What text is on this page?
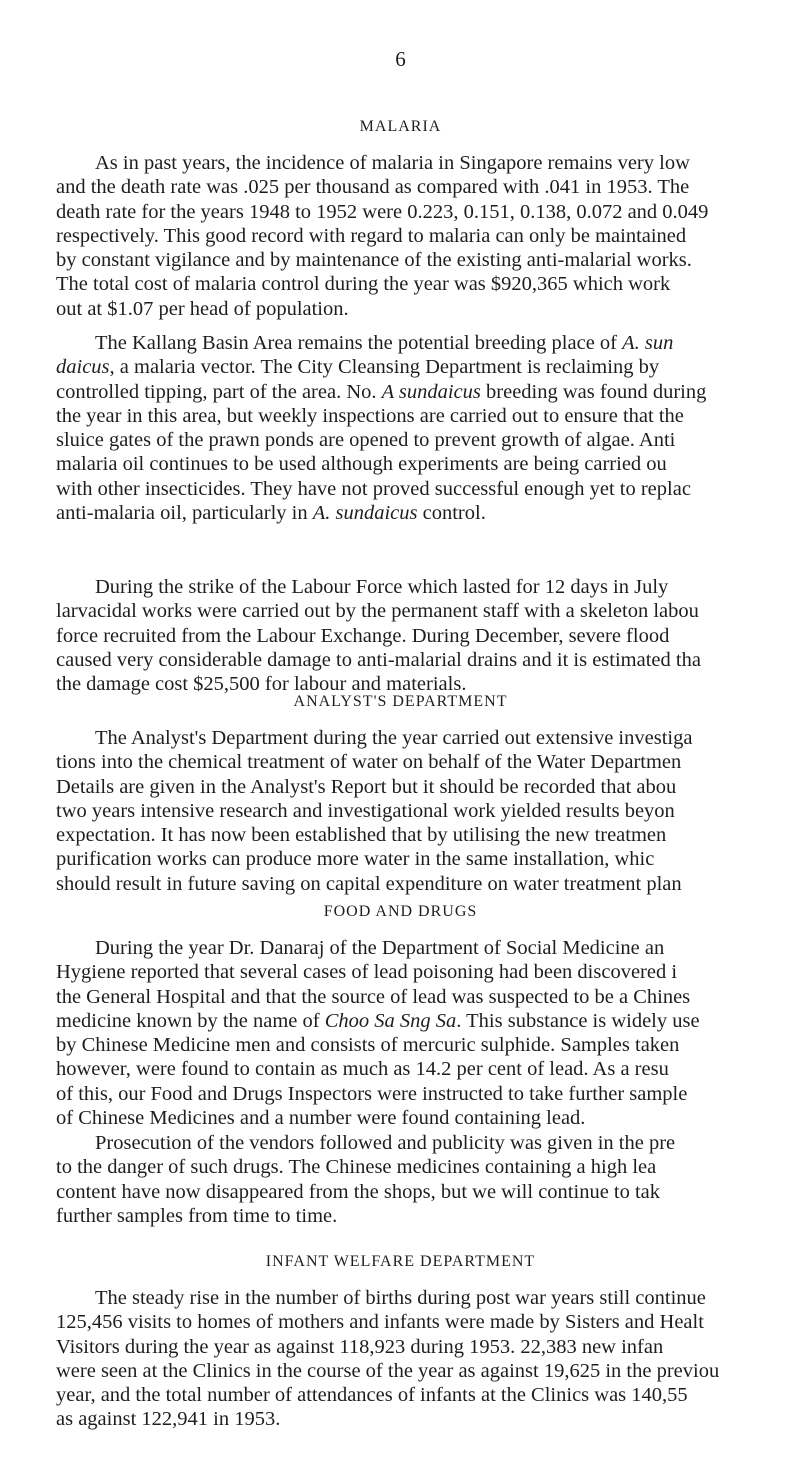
6
MALARIA
As in past years, the incidence of malaria in Singapore remains very low
and the death rate was .025 per thousand as compared with .041 in 1953. The
death rate for the years 1948 to 1952 were 0.223, 0.151, 0.138, 0.072 and 0.049
respectively. This good record with regard to malaria can only be maintained
by constant vigilance and by maintenance of the existing anti-malarial works.
The total cost of malaria control during the year was $920,365 which work
out at $1.07 per head of population.
The Kallang Basin Area remains the potential breeding place of A. sun
daicus, a malaria vector. The City Cleansing Department is reclaiming by
controlled tipping, part of the area. No. A sundaicus breeding was found during
the year in this area, but weekly inspections are carried out to ensure that the
sluice gates of the prawn ponds are opened to prevent growth of algae. Anti
malaria oil continues to be used although experiments are being carried ou
with other insecticides. They have not proved successful enough yet to replac
anti-malaria oil, particularly in A. sundaicus control.
During the strike of the Labour Force which lasted for 12 days in July
larvacidal works were carried out by the permanent staff with a skeleton labou
force recruited from the Labour Exchange. During December, severe flood
caused very considerable damage to anti-malarial drains and it is estimated tha
the damage cost $25,500 for labour and materials.
ANALYST'S DEPARTMENT
The Analyst's Department during the year carried out extensive investiga
tions into the chemical treatment of water on behalf of the Water Departmen
Details are given in the Analyst's Report but it should be recorded that abou
two years intensive research and investigational work yielded results beyon
expectation. It has now been established that by utilising the new treatmen
purification works can produce more water in the same installation, whic
should result in future saving on capital expenditure on water treatment plan
FOOD AND DRUGS
During the year Dr. Danaraj of the Department of Social Medicine an
Hygiene reported that several cases of lead poisoning had been discovered i
the General Hospital and that the source of lead was suspected to be a Chines
medicine known by the name of Choo Sa Sng Sa. This substance is widely use
by Chinese Medicine men and consists of mercuric sulphide. Samples taken
however, were found to contain as much as 14.2 per cent of lead. As a resu
of this, our Food and Drugs Inspectors were instructed to take further sample
of Chinese Medicines and a number were found containing lead.
Prosecution of the vendors followed and publicity was given in the pre
to the danger of such drugs. The Chinese medicines containing a high lea
content have now disappeared from the shops, but we will continue to tak
further samples from time to time.
INFANT WELFARE DEPARTMENT
The steady rise in the number of births during post war years still continue
125,456 visits to homes of mothers and infants were made by Sisters and Healt
Visitors during the year as against 118,923 during 1953. 22,383 new infan
were seen at the Clinics in the course of the year as against 19,625 in the previou
year, and the total number of attendances of infants at the Clinics was 140,55
as against 122,941 in 1953.
